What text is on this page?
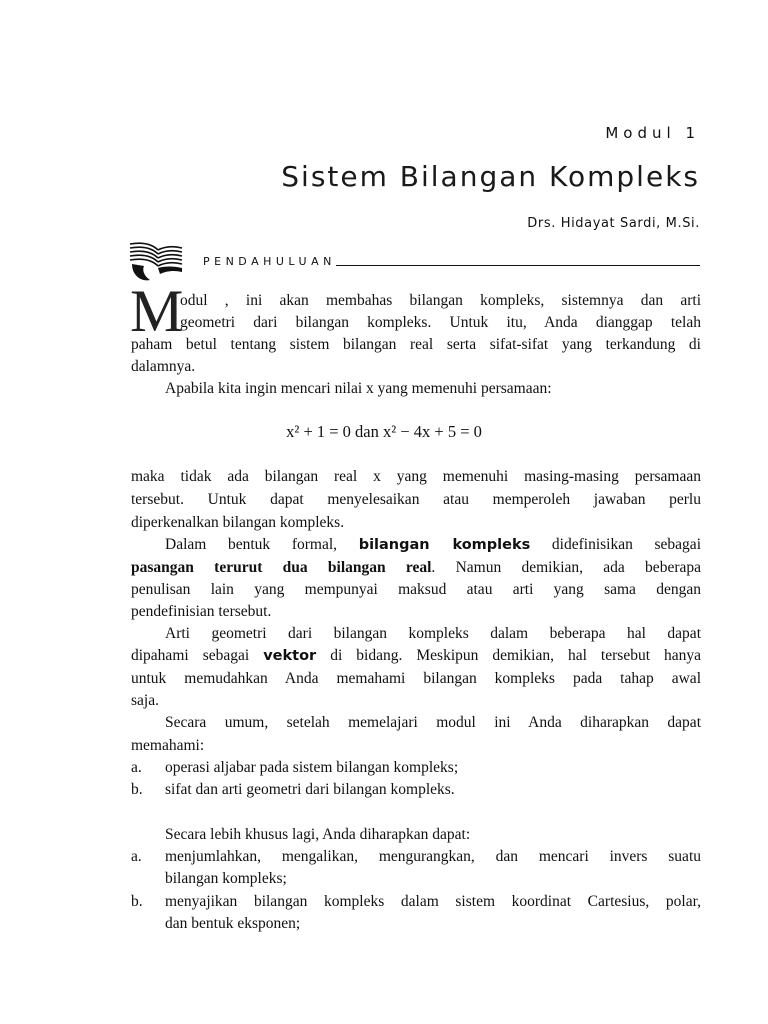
Modul 1
Sistem Bilangan Kompleks
Drs. Hidayat Sardi, M.Si.
PENDAHULUAN
M
odul , ini akan membahas bilangan kompleks, sistemnya dan arti
geometri dari bilangan kompleks. Untuk itu, Anda dianggap telah
paham betul tentang sistem bilangan real serta sifat-sifat yang terkandung di
dalamnya.
Apabila kita ingin mencari nilai x yang memenuhi persamaan:
x² + 1 = 0 dan x² − 4x + 5 = 0
maka tidak ada bilangan real x yang memenuhi masing-masing persamaan
tersebut. Untuk dapat menyelesaikan atau memperoleh jawaban perlu
diperkenalkan bilangan kompleks.
Dalam bentuk formal, bilangan kompleks didefinisikan sebagai
pasangan terurut dua bilangan real. Namun demikian, ada beberapa
penulisan lain yang mempunyai maksud atau arti yang sama dengan
pendefinisian tersebut.
Arti geometri dari bilangan kompleks dalam beberapa hal dapat
dipahami sebagai vektor di bidang. Meskipun demikian, hal tersebut hanya
untuk memudahkan Anda memahami bilangan kompleks pada tahap awal
saja.
Secara umum, setelah memelajari modul ini Anda diharapkan dapat
memahami:
a. operasi aljabar pada sistem bilangan kompleks;
b. sifat dan arti geometri dari bilangan kompleks.
Secara lebih khusus lagi, Anda diharapkan dapat:
a. menjumlahkan, mengalikan, mengurangkan, dan mencari invers suatu
bilangan kompleks;
b. menyajikan bilangan kompleks dalam sistem koordinat Cartesius, polar,
dan bentuk eksponen;
